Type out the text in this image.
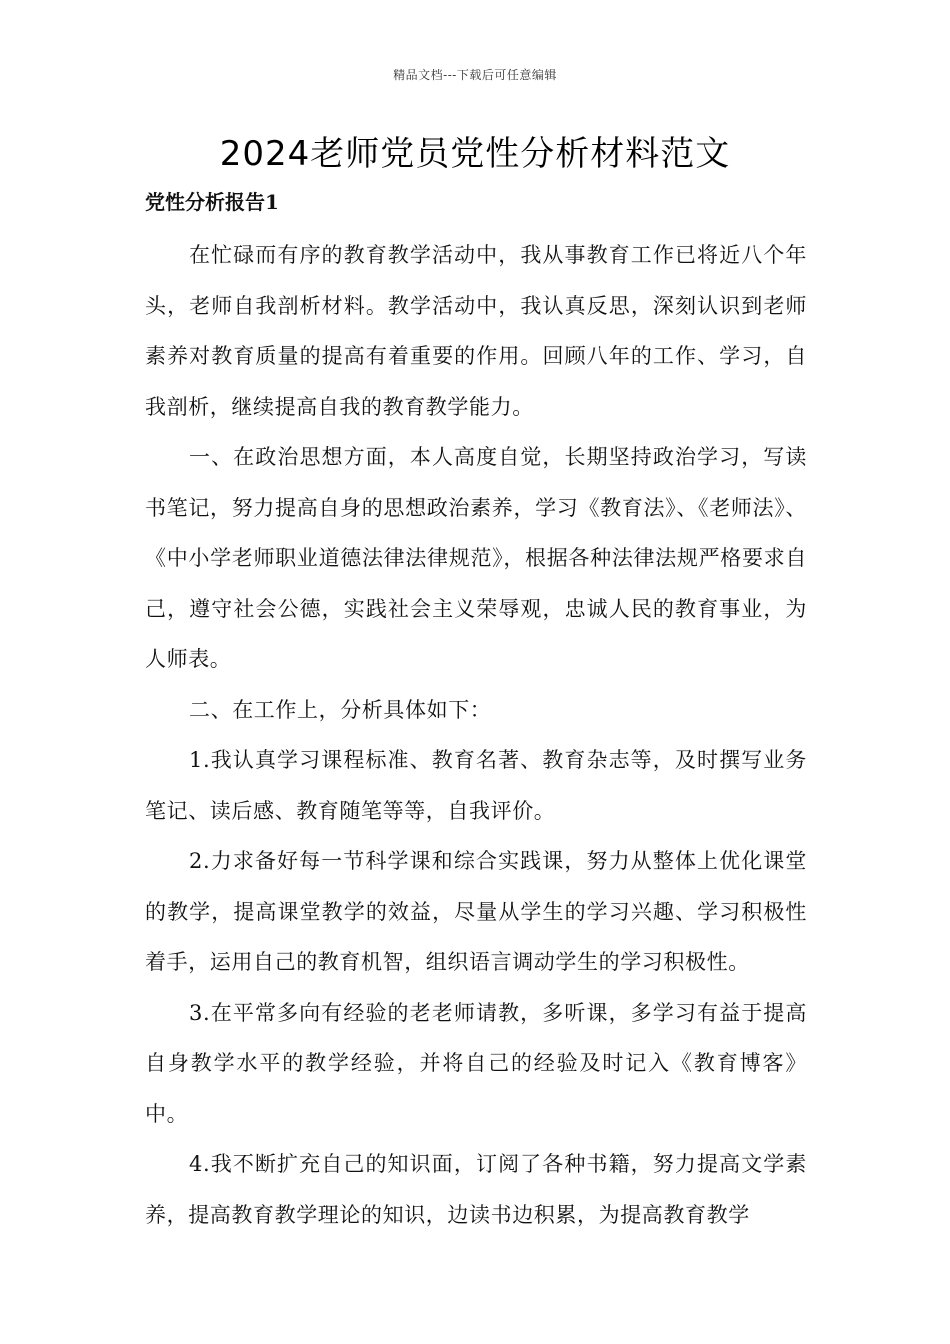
精品文档---下载后可任意编辑
2024老师党员党性分析材料范文
党性分析报告1

在忙碌而有序的教育教学活动中，我从事教育工作已将近八个年头，老师自我剖析材料。教学活动中，我认真反思，深刻认识到老师素养对教育质量的提高有着重要的作用。回顾八年的工作、学习，自我剖析，继续提高自我的教育教学能力。

一、在政治思想方面，本人高度自觉，长期坚持政治学习，写读书笔记，努力提高自身的思想政治素养，学习《教育法》、《老师法》、《中小学老师职业道德法律法律规范》，根据各种法律法规严格要求自己，遵守社会公德，实践社会主义荣辱观，忠诚人民的教育事业，为人师表。

二、在工作上，分析具体如下：

1.我认真学习课程标准、教育名著、教育杂志等，及时撰写业务笔记、读后感、教育随笔等等，自我评价。

2.力求备好每一节科学课和综合实践课，努力从整体上优化课堂的教学，提高课堂教学的效益，尽量从学生的学习兴趣、学习积极性着手，运用自己的教育机智，组织语言调动学生的学习积极性。

3.在平常多向有经验的老老师请教，多听课，多学习有益于提高自身教学水平的教学经验，并将自己的经验及时记入《教育博客》中。

4.我不断扩充自己的知识面，订阅了各种书籍，努力提高文学素养，提高教育教学理论的知识，边读书边积累，为提高教育教学
